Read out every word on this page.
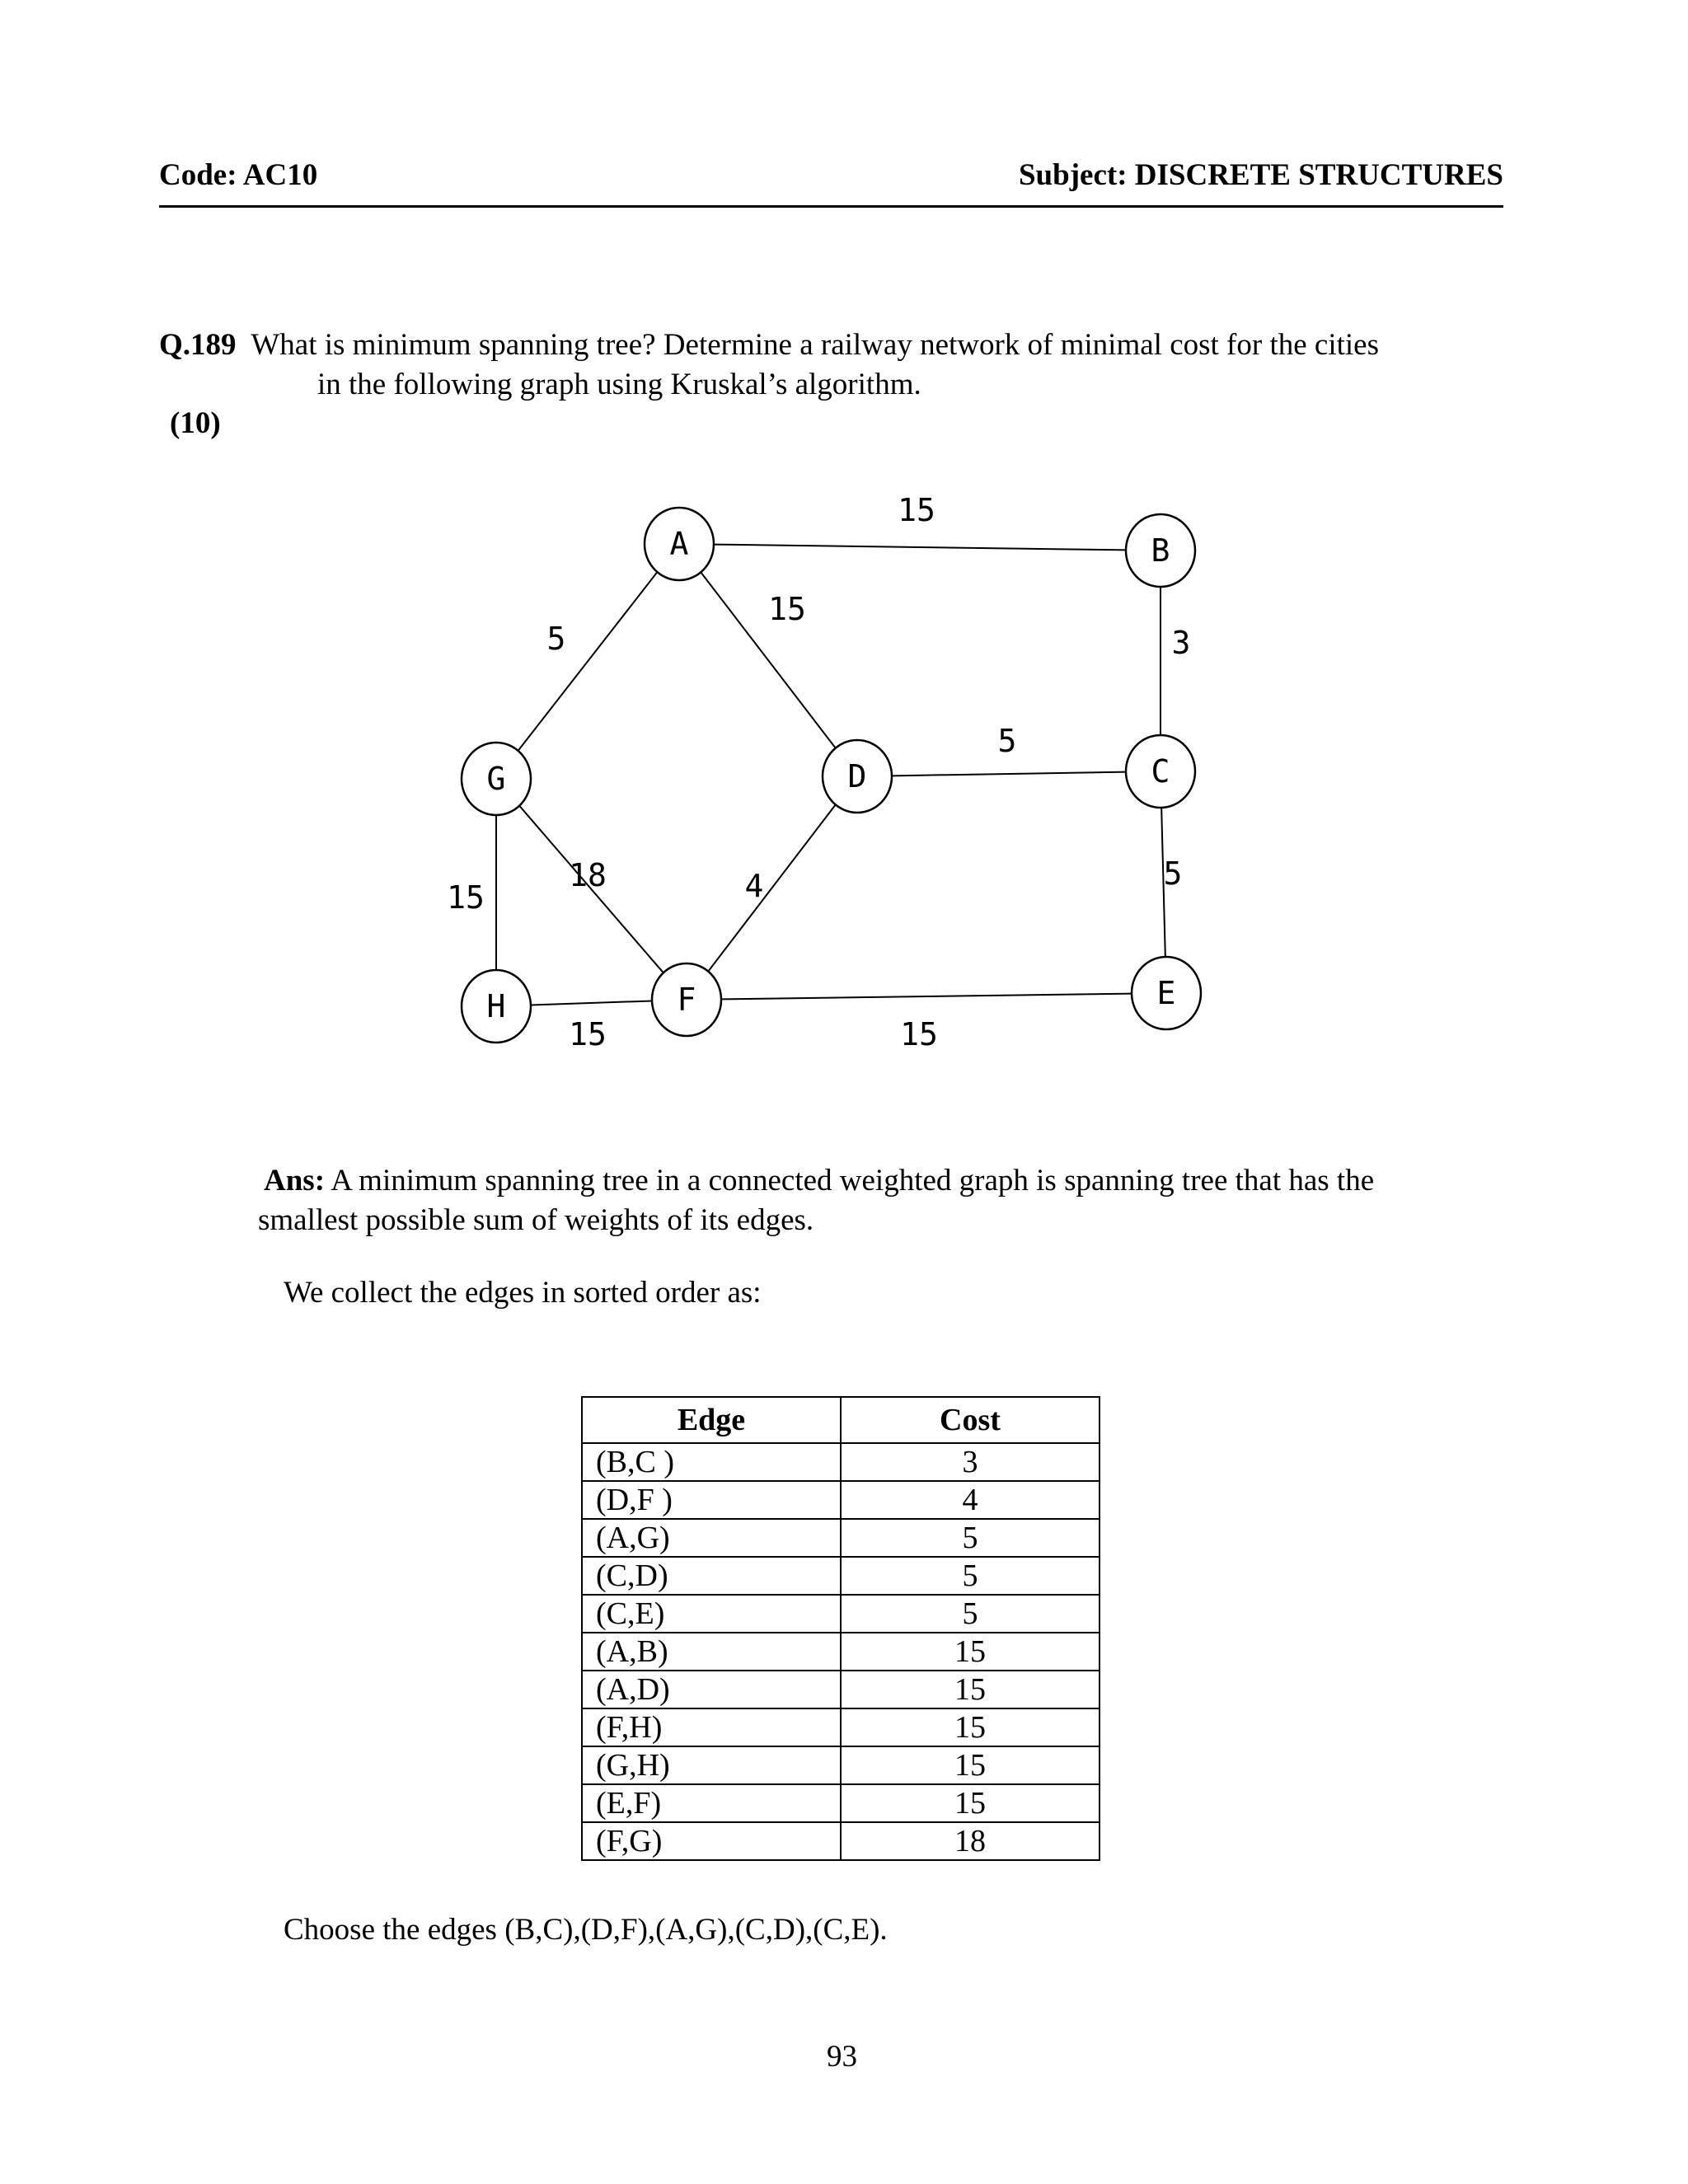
Code: AC10	Subject: DISCRETE STRUCTURES
Q.189 What is minimum spanning tree? Determine a railway network of minimal cost for the cities
in the following graph using Kruskal’s algorithm.
(10)
A	B
C
D
E
F
G
H
15
3
5
15
5
5
15
18	4
15	15
Ans: A minimum spanning tree in a connected weighted graph is spanning tree that has the
smallest possible sum of weights of its edges.
We collect the edges in sorted order as:
Edge	Cost
(B,C )	3
(D,F )	4
(A,G)	5
(C,D)	5
(C,E)	5
(A,B)	15
(A,D)	15
(F,H)	15
(G,H)	15
(E,F)	15
(F,G)	18
Choose the edges (B,C),(D,F),(A,G),(C,D),(C,E).
93
